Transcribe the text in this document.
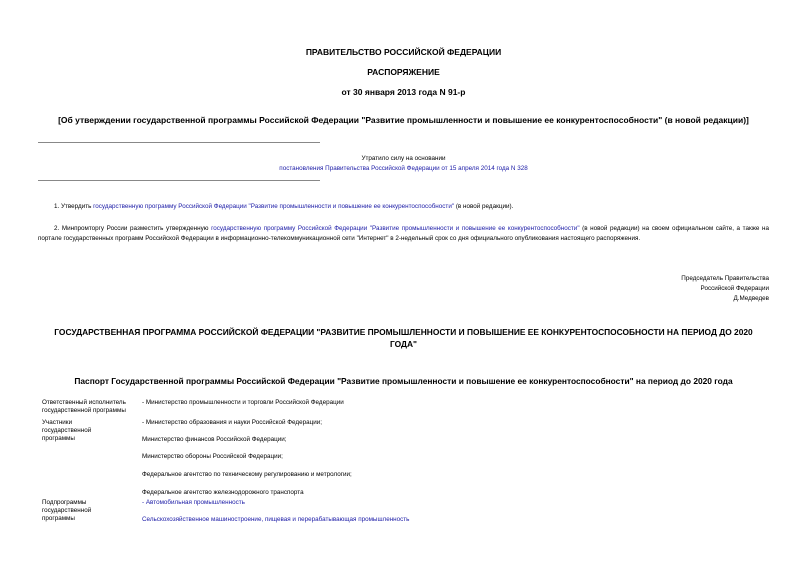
ПРАВИТЕЛЬСТВО РОССИЙСКОЙ ФЕДЕРАЦИИ
РАСПОРЯЖЕНИЕ
от 30 января 2013 года N 91-р
[Об утверждении государственной программы Российской Федерации "Развитие промышленности и повышение ее конкурентоспособности" (в новой редакции)]
Утратило силу на основании
постановления Правительства Российской Федерации от 15 апреля 2014 года N 328
1. Утвердить государственную программу Российской Федерации "Развитие промышленности и повышение ее конкурентоспособности" (в новой редакции).
2. Минпромторгу России разместить утвержденную государственную программу Российской Федерации "Развитие промышленности и повышение ее конкурентоспособности" (в новой редакции) на своем официальном сайте, а также на портале государственных программ Российской Федерации в информационно-телекоммуникационной сети "Интернет" в 2-недельный срок со дня официального опубликования настоящего распоряжения.
Председатель Правительства
Российской Федерации
Д.Медведев
ГОСУДАРСТВЕННАЯ ПРОГРАММА РОССИЙСКОЙ ФЕДЕРАЦИИ "РАЗВИТИЕ ПРОМЫШЛЕННОСТИ И ПОВЫШЕНИЕ ЕЕ КОНКУРЕНТОСПОСОБНОСТИ НА ПЕРИОД ДО 2020 ГОДА"
Паспорт Государственной программы Российской Федерации "Развитие промышленности и повышение ее конкурентоспособности" на период до 2020 года
Ответственный исполнитель государственной программы
- Министерство промышленности и торговли Российской Федерации
Участники государственной программы
- Министерство образования и науки Российской Федерации;
Министерство финансов Российской Федерации;
Министерство обороны Российской Федерации;
Федеральное агентство по техническому регулированию и метрологии;
Федеральное агентство железнодорожного транспорта
Подпрограммы государственной программы
- Автомобильная промышленность
Сельскохозяйственное машиностроение, пищевая и перерабатывающая промышленность
